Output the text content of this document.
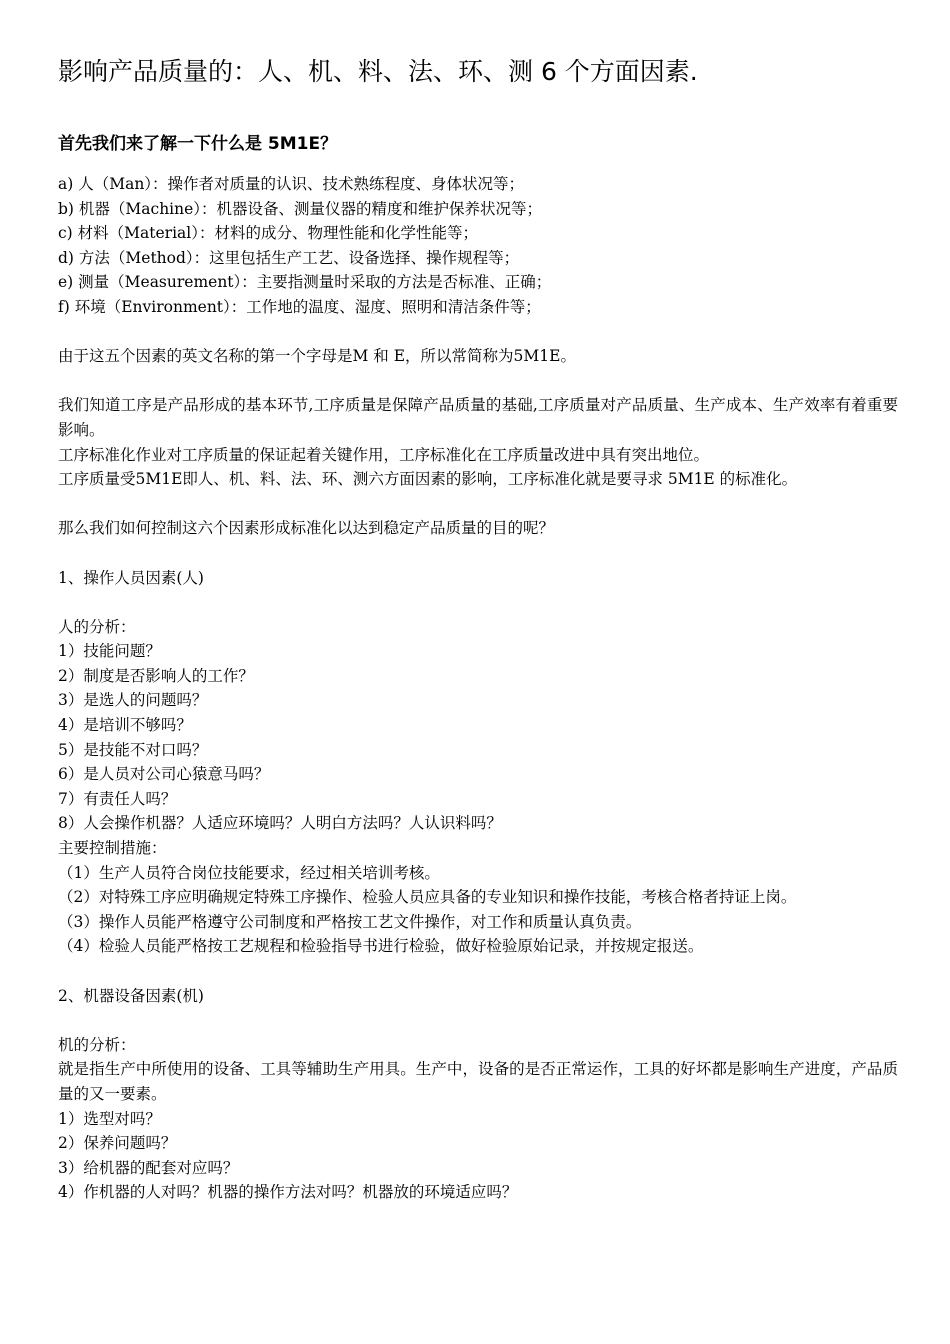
影响产品质量的：人、机、料、法、环、测 6 个方面因素.
首先我们来了解一下什么是 5M1E？

a) 人（Man）：操作者对质量的认识、技术熟练程度、身体状况等；

b) 机器（Machine）：机器设备、测量仪器的精度和维护保养状况等；

c) 材料（Material）：材料的成分、物理性能和化学性能等；

d) 方法（Method）：这里包括生产工艺、设备选择、操作规程等；

e) 测量（Measurement）：主要指测量时采取的方法是否标准、正确；

f) 环境（Environment）：工作地的温度、湿度、照明和清洁条件等；

由于这五个因素的英文名称的第一个字母是M 和 E，所以常简称为5M1E。

我们知道工序是产品形成的基本环节,工序质量是保障产品质量的基础,工序质量对产品质量、生产成本、生产效率有着重要影响。

工序标准化作业对工序质量的保证起着关键作用，工序标准化在工序质量改进中具有突出地位。

工序质量受5M1E即人、机、料、法、环、测六方面因素的影响，工序标准化就是要寻求 5M1E 的标准化。

那么我们如何控制这六个因素形成标准化以达到稳定产品质量的目的呢？

1、操作人员因素(人)

人的分析：

1）技能问题？

2）制度是否影响人的工作？

3）是选人的问题吗？

4）是培训不够吗？

5）是技能不对口吗？

6）是人员对公司心猿意马吗？

7）有责任人吗？

8）人会操作机器？人适应环境吗？人明白方法吗？人认识料吗？

主要控制措施：

（1）生产人员符合岗位技能要求，经过相关培训考核。

（2）对特殊工序应明确规定特殊工序操作、检验人员应具备的专业知识和操作技能，考核合格者持证上岗。

（3）操作人员能严格遵守公司制度和严格按工艺文件操作，对工作和质量认真负责。

（4）检验人员能严格按工艺规程和检验指导书进行检验，做好检验原始记录，并按规定报送。

2、机器设备因素(机)

机的分析：

就是指生产中所使用的设备、工具等辅助生产用具。生产中，设备的是否正常运作，工具的好坏都是影响生产进度，产品质量的又一要素。

1）选型对吗？

2）保养问题吗？

3）给机器的配套对应吗？

4）作机器的人对吗？机器的操作方法对吗？机器放的环境适应吗？
